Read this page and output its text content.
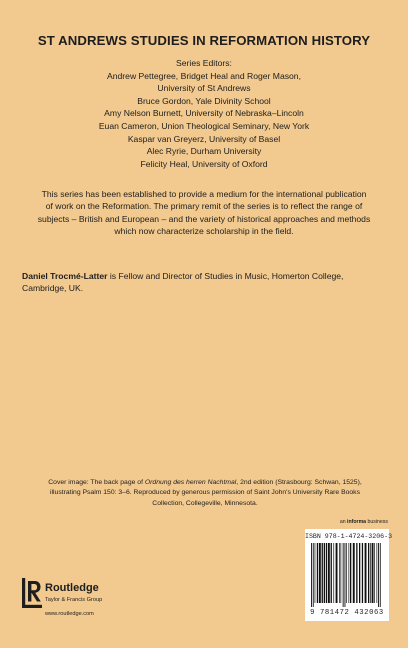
ST ANDREWS STUDIES IN REFORMATION HISTORY
Series Editors:
Andrew Pettegree, Bridget Heal and Roger Mason,
University of St Andrews
Bruce Gordon, Yale Divinity School
Amy Nelson Burnett, University of Nebraska–Lincoln
Euan Cameron, Union Theological Seminary, New York
Kaspar van Greyerz, University of Basel
Alec Ryrie, Durham University
Felicity Heal, University of Oxford
This series has been established to provide a medium for the international publication
of work on the Reformation. The primary remit of the series is to reflect the range of
subjects – British and European – and the variety of historical approaches and methods
which now characterize scholarship in the field.
Daniel Trocmé-Latter is Fellow and Director of Studies in Music, Homerton College, Cambridge, UK.
Cover image: The back page of Ordnung des herren Nachtmal, 2nd edition (Strasbourg: Schwan, 1525),
illustrating Psalm 150: 3–6. Reproduced by generous permission of Saint John's University Rare Books
Collection, Collegeville, Minnesota.
an informa business
ISBN 978-1-4724-3206-3
9 781472 432063
Routledge
Taylor & Francis Group
www.routledge.com
